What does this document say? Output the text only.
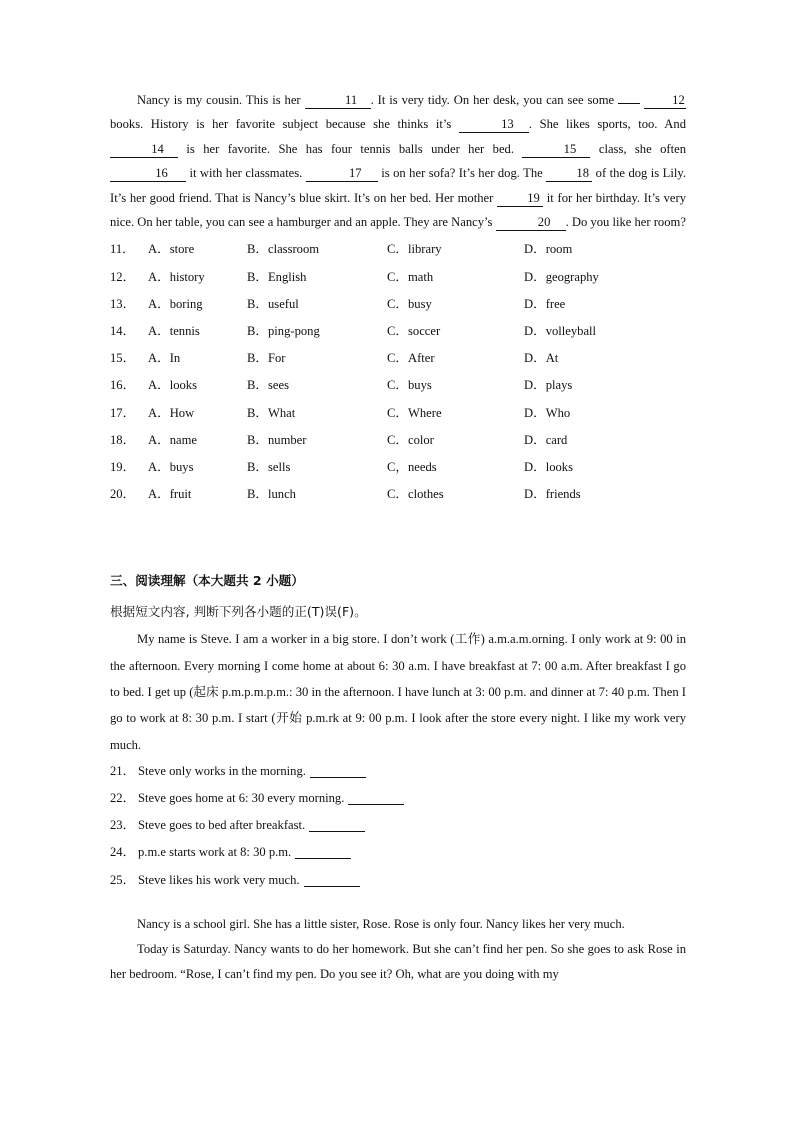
Nancy is my cousin. This is her	11 . It is very tidy. On her desk, you can see some	12 books. History is her favorite subject because she thinks it’s	13 . She likes sports, too. And 14 is her favorite. She has four tennis balls under her bed.	15 class, she often 16 it with her classmates.	17 is on her sofa? It’s her dog. The	18 of the dog is Lily. It’s her good friend. That is Nancy’s blue skirt. It’s on her bed. Her mother	19 it for her birthday. It’s very nice. On her table, you can see a hamburger and an apple. They are Nancy’s	20 . Do you like her room?

11．	A．store	B．classroom	C．library	D．room
12．	A．history	B．English	C．math	D．geography
13．	A．boring	B．useful	C．busy	D．free
14．	A．tennis	B．ping-pong	C．soccer	D．volleyball
15．	A．In	B．For	C．After	D．At
16．	A．looks	B．sees	C．buys	D．plays
17．	A．How	B．What	C．Where	D．Who
18．	A．name	B．number	C．color	D．card
19．	A．buys	B．sells	C，needs	D．looks
20．	A．fruit	B．lunch	C．clothes	D．friends
三、阅读理解（本大题共 2 小题）
根据短文内容, 判断下列各小题的正(T)误(F)。

My name is Steve. I am a worker in a big store. I don’t work (工作) a.m.a.m.orning. I only work at 9: 00 in the afternoon. Every morning I come home at about 6: 30 a.m. I have breakfast at 7: 00 a.m. After breakfast I go to bed. I get up (起床 p.m.p.m.p.m.: 30 in the afternoon. I have lunch at 3: 00 p.m. and dinner at 7: 40 p.m. Then I go to work at 8: 30 p.m. I start (开始 p.m.rk at 9: 00 p.m. I look after the store every night. I like my work very much.

21． Steve only works in the morning.
22． Steve goes home at 6: 30 every morning.
23． Steve goes to bed after breakfast.
24． p.m.e starts work at 8: 30 p.m.
25． Steve likes his work very much.

Nancy is a school girl. She has a little sister, Rose. Rose is only four. Nancy likes her very much.

Today is Saturday. Nancy wants to do her homework. But she can’t find her pen. So she goes to ask Rose in her bedroom. “Rose, I can’t find my pen. Do you see it? Oh, what are you doing with my
